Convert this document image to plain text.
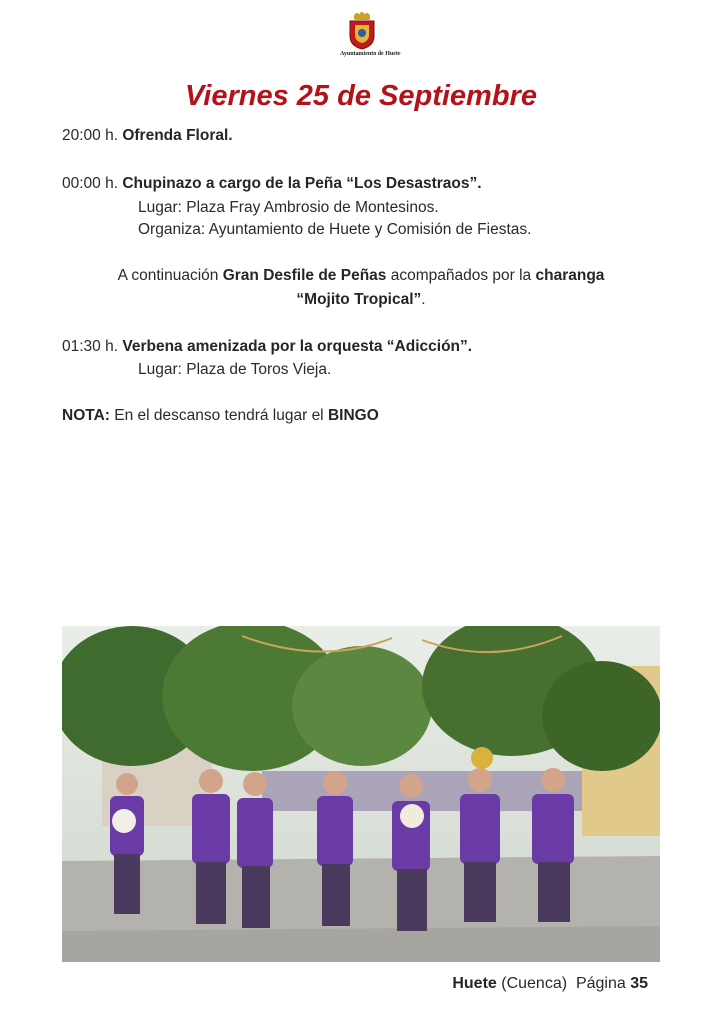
Ayuntamiento de Huete
Viernes 25 de Septiembre
20:00 h. Ofrenda Floral.
00:00 h. Chupinazo a cargo de la Peña “Los Desastraos”.
Lugar: Plaza Fray Ambrosio de Montesinos.
Organiza: Ayuntamiento de Huete y Comisión de Fiestas.
A continuación Gran Desfile de Peñas acompañados por la charanga
“Mojito Tropical”.
01:30 h. Verbena amenizada por la orquesta “Adicción”.
Lugar: Plaza de Toros Vieja.
NOTA: En el descanso tendrá lugar el BINGO
Huete (Cuenca) Página 35
